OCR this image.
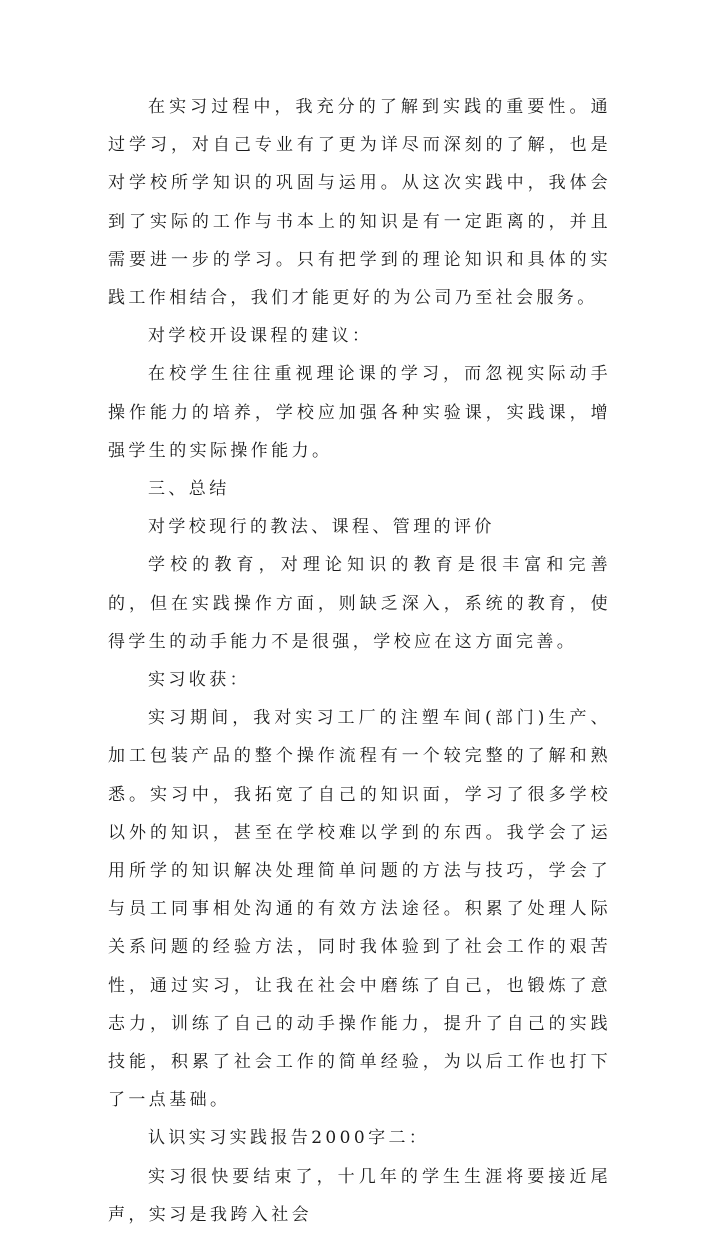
在实习过程中，我充分的了解到实践的重要性。通过学习，对自己专业有了更为详尽而深刻的了解，也是对学校所学知识的巩固与运用。从这次实践中，我体会到了实际的工作与书本上的知识是有一定距离的，并且需要进一步的学习。只有把学到的理论知识和具体的实践工作相结合，我们才能更好的为公司乃至社会服务。

对学校开设课程的建议：

在校学生往往重视理论课的学习，而忽视实际动手操作能力的培养，学校应加强各种实验课，实践课，增强学生的实际操作能力。

三、总结

对学校现行的教法、课程、管理的评价

学校的教育，对理论知识的教育是很丰富和完善的，但在实践操作方面，则缺乏深入，系统的教育，使得学生的动手能力不是很强，学校应在这方面完善。

实习收获：

实习期间，我对实习工厂的注塑车间(部门)生产、加工包装产品的整个操作流程有一个较完整的了解和熟悉。实习中，我拓宽了自己的知识面，学习了很多学校以外的知识，甚至在学校难以学到的东西。我学会了运用所学的知识解决处理简单问题的方法与技巧，学会了与员工同事相处沟通的有效方法途径。积累了处理人际关系问题的经验方法，同时我体验到了社会工作的艰苦性，通过实习，让我在社会中磨练了自己，也锻炼了意志力，训练了自己的动手操作能力，提升了自己的实践技能，积累了社会工作的简单经验，为以后工作也打下了一点基础。

认识实习实践报告2000字二：

实习很快要结束了，十几年的学生生涯将要接近尾声，实习是我跨入社会
